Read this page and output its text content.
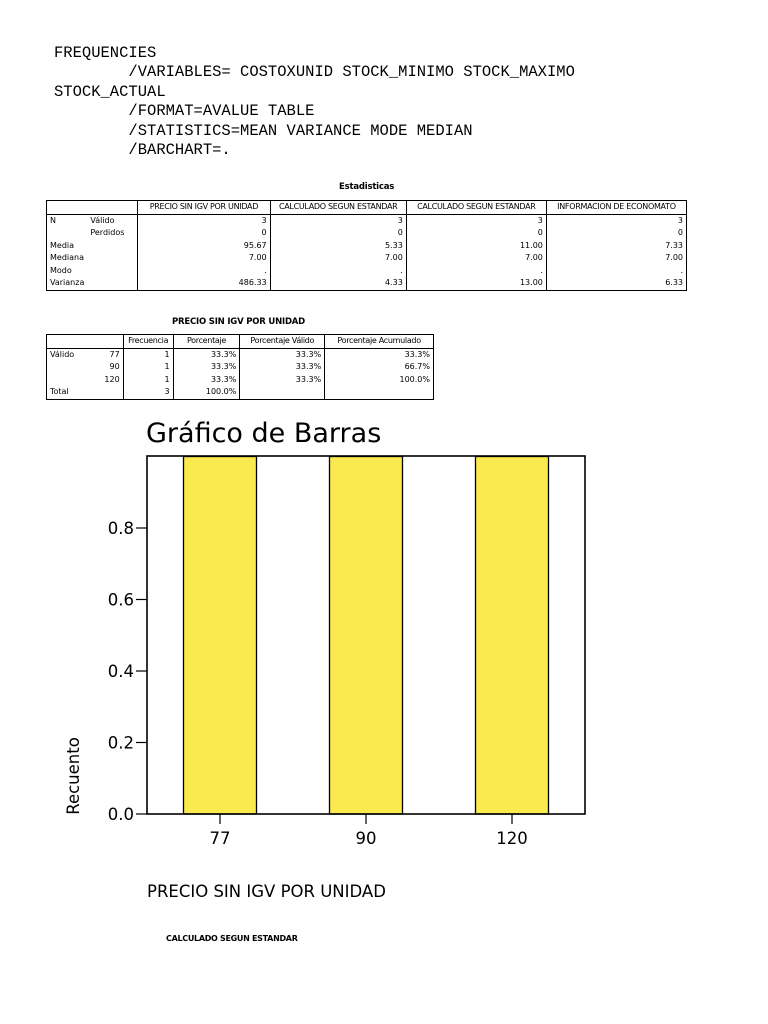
FREQUENCIES
/VARIABLES= COSTOXUNID STOCK_MINIMO STOCK_MAXIMO
STOCK_ACTUAL
/FORMAT=AVALUE TABLE
/STATISTICS=MEAN VARIANCE MODE MEDIAN
/BARCHART=.
Estadisticas
		PRECIO SIN IGV POR UNIDAD	CALCULADO SEGUN ESTANDAR	CALCULADO SEGUN ESTANDAR	INFORMACION DE ECONOMATO
N	Válido	3	3	3	3
	Perdidos	0	0	0	0
Media		95.67	5.33	11.00	7.33
Mediana		7.00	7.00	7.00	7.00
Modo		.	.	.	.
Varianza		486.33	4.33	13.00	6.33
PRECIO SIN IGV POR UNIDAD
		Frecuencia	Porcentaje	Porcentaje Válido	Porcentaje Acumulado
Válido	77	1	33.3%	33.3%	33.3%
	90	1	33.3%	33.3%	66.7%
	120	1	33.3%	33.3%	100.0%
Total		3	100.0%		
Gráfico de Barras
0.0
0.2
0.4
0.6
0.8
77	90	120
PRECIO SIN IGV POR UNIDAD
Recuento
CALCULADO SEGUN ESTANDAR
